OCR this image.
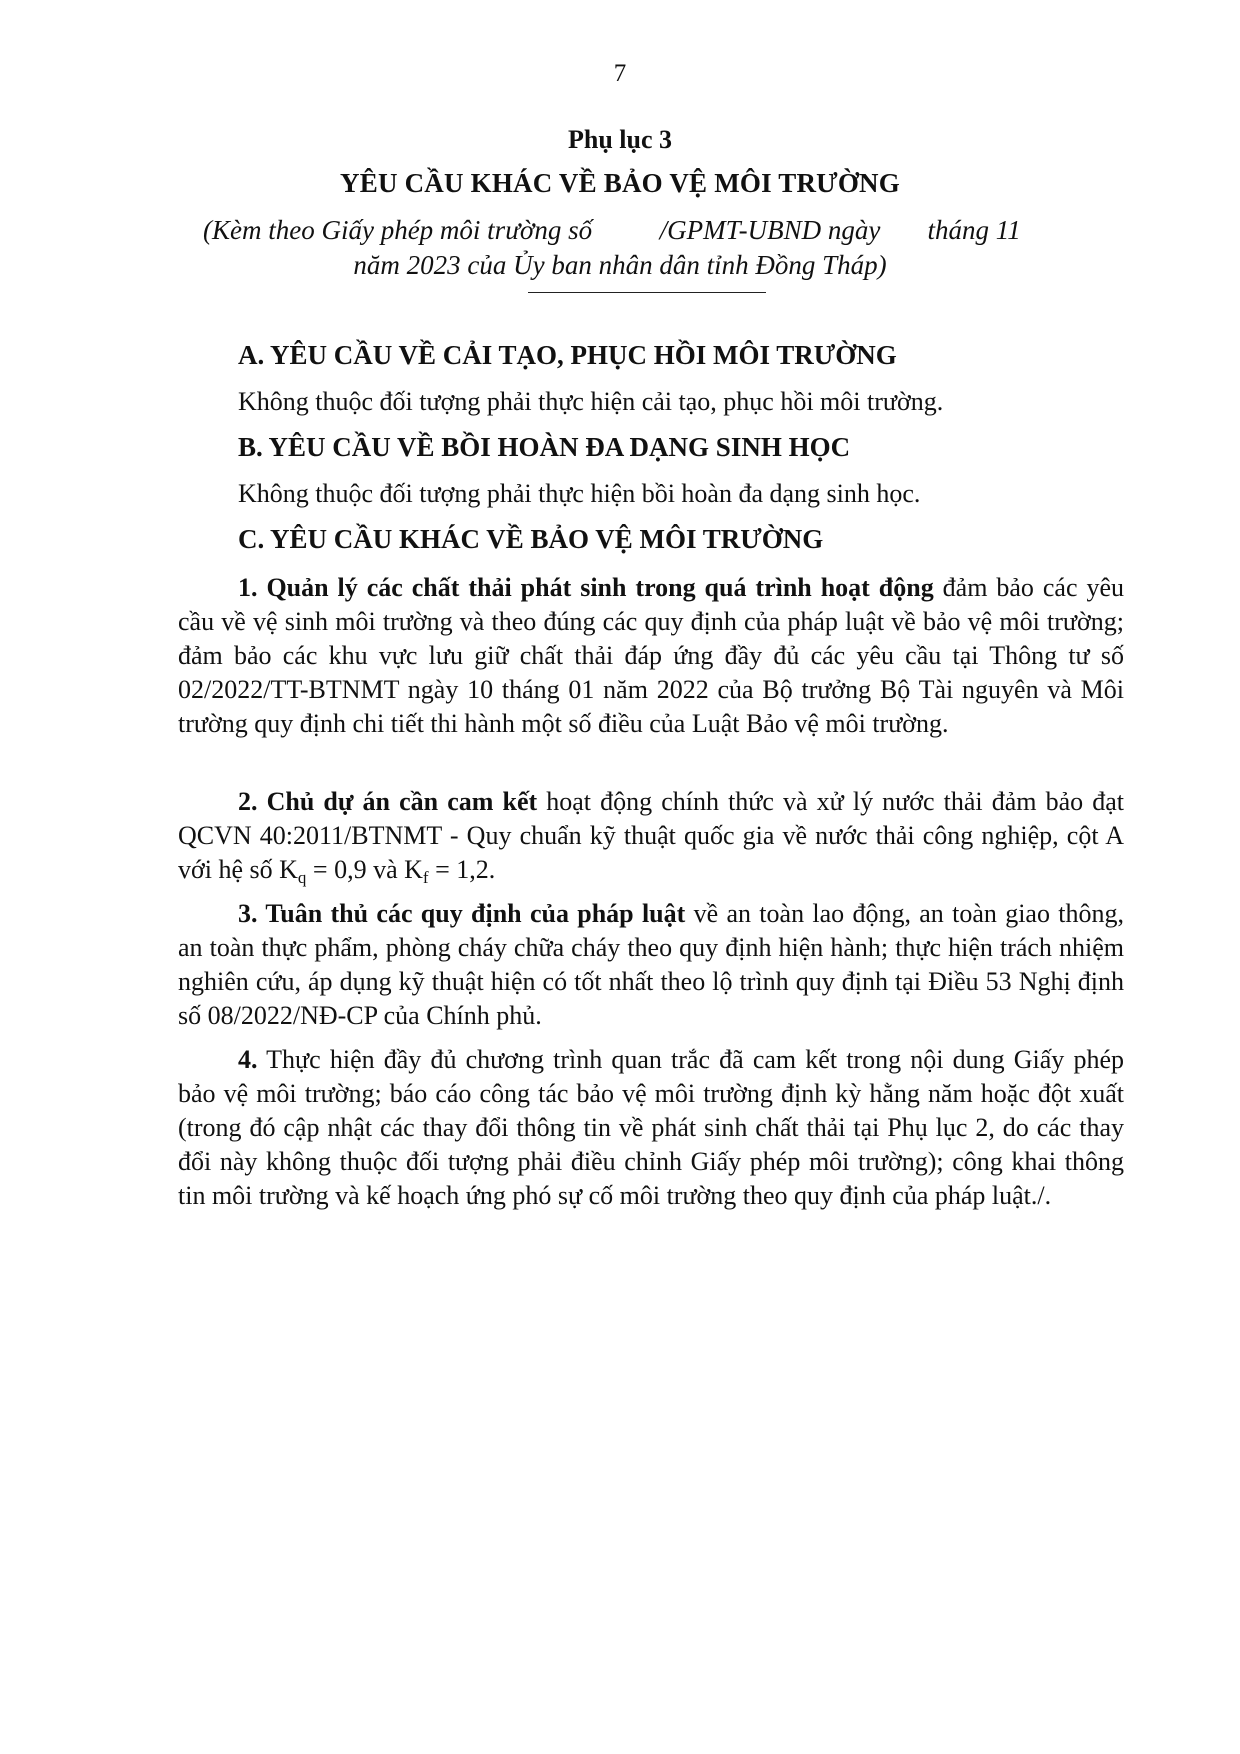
7
Phụ lục 3
YÊU CẦU KHÁC VỀ BẢO VỆ MÔI TRƯỜNG
(Kèm theo Giấy phép môi trường số          /GPMT-UBND ngày       tháng 11
năm 2023 của Ủy ban nhân dân tỉnh Đồng Tháp)
A. YÊU CẦU VỀ CẢI TẠO, PHỤC HỒI MÔI TRƯỜNG
Không thuộc đối tượng phải thực hiện cải tạo, phục hồi môi trường.
B. YÊU CẦU VỀ BỒI HOÀN ĐA DẠNG SINH HỌC
Không thuộc đối tượng phải thực hiện bồi hoàn đa dạng sinh học.
C. YÊU CẦU KHÁC VỀ BẢO VỆ MÔI TRƯỜNG
1. Quản lý các chất thải phát sinh trong quá trình hoạt động đảm bảo các yêu cầu về vệ sinh môi trường và theo đúng các quy định của pháp luật về bảo vệ môi trường; đảm bảo các khu vực lưu giữ chất thải đáp ứng đầy đủ các yêu cầu tại Thông tư số 02/2022/TT-BTNMT ngày 10 tháng 01 năm 2022 của Bộ trưởng Bộ Tài nguyên và Môi trường quy định chi tiết thi hành một số điều của Luật Bảo vệ môi trường.
2. Chủ dự án cần cam kết hoạt động chính thức và xử lý nước thải đảm bảo đạt QCVN 40:2011/BTNMT - Quy chuẩn kỹ thuật quốc gia về nước thải công nghiệp, cột A với hệ số $K_q = 0,9$ và $K_f = 1,2$.
3. Tuân thủ các quy định của pháp luật về an toàn lao động, an toàn giao thông, an toàn thực phẩm, phòng cháy chữa cháy theo quy định hiện hành; thực hiện trách nhiệm nghiên cứu, áp dụng kỹ thuật hiện có tốt nhất theo lộ trình quy định tại Điều 53 Nghị định số 08/2022/NĐ-CP của Chính phủ.
4. Thực hiện đầy đủ chương trình quan trắc đã cam kết trong nội dung Giấy phép bảo vệ môi trường; báo cáo công tác bảo vệ môi trường định kỳ hằng năm hoặc đột xuất (trong đó cập nhật các thay đổi thông tin về phát sinh chất thải tại Phụ lục 2, do các thay đổi này không thuộc đối tượng phải điều chỉnh Giấy phép môi trường); công khai thông tin môi trường và kế hoạch ứng phó sự cố môi trường theo quy định của pháp luật./.
